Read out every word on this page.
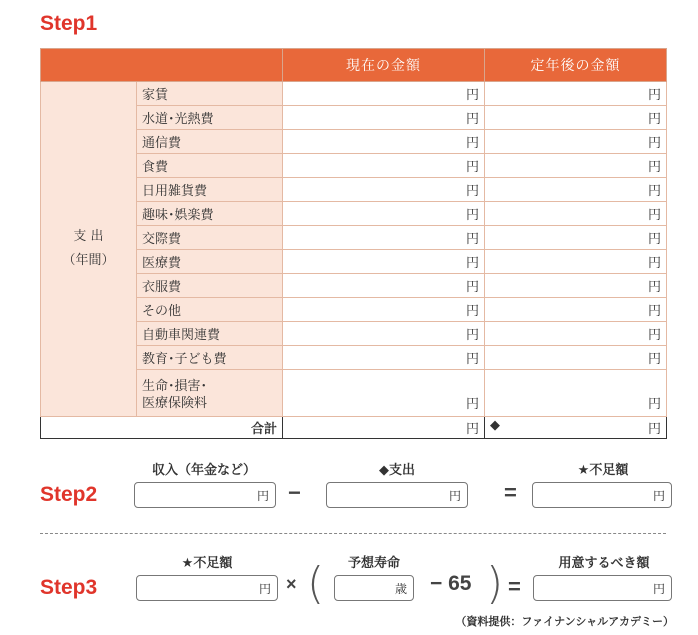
Step1
		現在の金額	定年後の金額

支 出
（年間）	家賃	円	円
	水道･光熱費	円	円
	通信費	円	円
	食費	円	円
	日用雑貨費	円	円
	趣味･娯楽費	円	円
	交際費	円	円
	医療費	円	円
	衣服費	円	円
	その他	円	円
	自動車関連費	円	円
	教育･子ども費	円	円

	生命･損害･
医療保険料	円	円
合計		円	◆ 円
Step2
収入（年金など）
円 −
◆支出
円 =
★不足額
円
Step3
★不足額
円 × (	予想寿命
歳 − 65 ) =
用意するべき額
円
（資料提供：ファイナンシャルアカデミー）
